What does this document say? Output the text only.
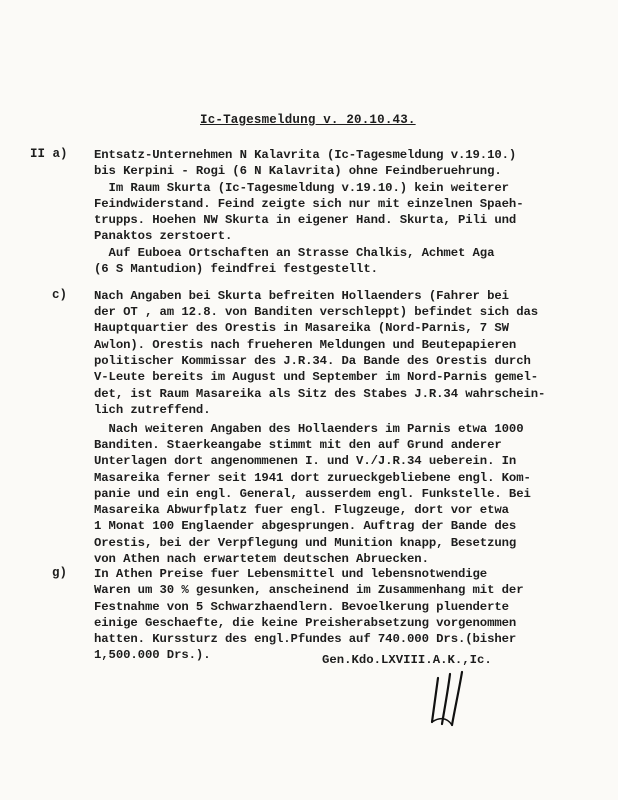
Ic-Tagesmeldung v. 20.10.43.
II a) Entsatz-Unternehmen N Kalavrita (Ic-Tagesmeldung v.19.10.)
bis Kerpini - Rogi (6 N Kalavrita) ohne Feindberuehrung.
Im Raum Skurta (Ic-Tagesmeldung v.19.10.) kein weiterer
Feindwiderstand. Feind zeigte sich nur mit einzelnen Spaeh-
trupps. Hoehen NW Skurta in eigener Hand. Skurta, Pili und
Panaktos zerstoert.
Auf Euboea Ortschaften an Strasse Chalkis, Achmet Aga
(6 S Mantudion) feindfrei festgestellt.
c) Nach Angaben bei Skurta befreiten Hollaenders (Fahrer bei
der OT , am 12.8. von Banditen verschleppt) befindet sich das
Hauptquartier des Orestis in Masareika (Nord-Parnis, 7 SW
Awlon). Orestis nach frueheren Meldungen und Beutepapieren
politischer Kommissar des J.R.34. Da Bande des Orestis durch
V-Leute bereits im August und September im Nord-Parnis gemel-
det, ist Raum Masareika als Sitz des Stabes J.R.34 wahrschein-
lich zutreffend.
Nach weiteren Angaben des Hollaenders im Parnis etwa 1000
Banditen. Staerkeangabe stimmt mit den auf Grund anderer
Unterlagen dort angenommenen I. und V./J.R.34 ueberein. In
Masareika ferner seit 1941 dort zurueckgebliebene engl. Kom-
panie und ein engl. General, ausserdem engl. Funkstelle. Bei
Masareika Abwurfplatz fuer engl. Flugzeuge, dort vor etwa
1 Monat 100 Englaender abgesprungen. Auftrag der Bande des
Orestis, bei der Verpflegung und Munition knapp, Besetzung
von Athen nach erwartetem deutschen Abruecken.
g) In Athen Preise fuer Lebensmittel und lebensnotwendige
Waren um 30 % gesunken, anscheinend im Zusammenhang mit der
Festnahme von 5 Schwarzhaendlern. Bevoelkerung pluenderte
einige Geschaefte, die keine Preisherabsetzung vorgenommen
hatten. Kurssturz des engl.Pfundes auf 740.000 Drs.(bisher
1,500.000 Drs.).	Gen.Kdo.LXVIII.A.K.,Ic.
